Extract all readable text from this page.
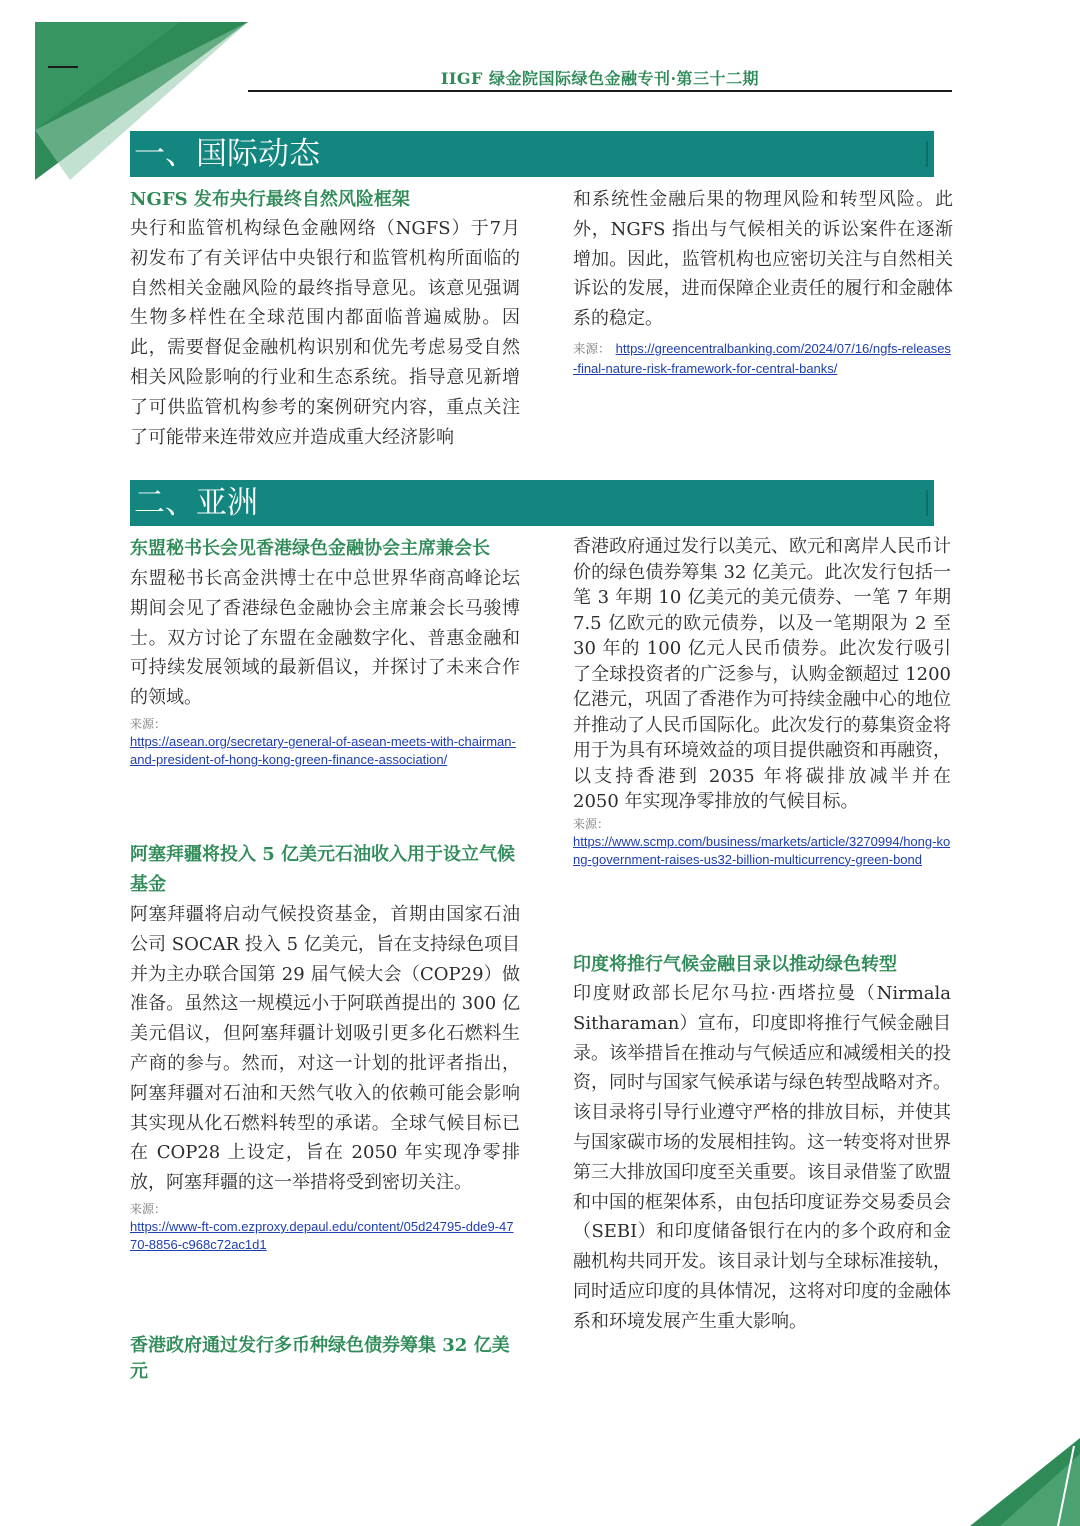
IIGF 绿金院国际绿色金融专刊·第三十二期
一、国际动态
NGFS 发布央行最终自然风险框架
央行和监管机构绿色金融网络（NGFS）于7月初发布了有关评估中央银行和监管机构所面临的自然相关金融风险的最终指导意见。该意见强调生物多样性在全球范围内都面临普遍威胁。因此，需要督促金融机构识别和优先考虑易受自然相关风险影响的行业和生态系统。指导意见新增了可供监管机构参考的案例研究内容，重点关注了可能带来连带效应并造成重大经济影响
和系统性金融后果的物理风险和转型风险。此外，NGFS 指出与气候相关的诉讼案件在逐渐增加。因此，监管机构也应密切关注与自然相关诉讼的发展，进而保障企业责任的履行和金融体系的稳定。
来源： https://greencentralbanking.com/2024/07/16/ngfs-releases-final-nature-risk-framework-for-central-banks/
二、亚洲
东盟秘书长会见香港绿色金融协会主席兼会长
东盟秘书长高金洪博士在中总世界华商高峰论坛期间会见了香港绿色金融协会主席兼会长马骏博士。双方讨论了东盟在金融数字化、普惠金融和可持续发展领域的最新倡议，并探讨了未来合作的领域。
来源：
https://asean.org/secretary-general-of-asean-meets-with-chairman-and-president-of-hong-kong-green-finance-association/
阿塞拜疆将投入 5 亿美元石油收入用于设立气候基金
阿塞拜疆将启动气候投资基金，首期由国家石油公司 SOCAR 投入 5 亿美元，旨在支持绿色项目并为主办联合国第 29 届气候大会（COP29）做准备。虽然这一规模远小于阿联酋提出的 300 亿美元倡议，但阿塞拜疆计划吸引更多化石燃料生产商的参与。然而，对这一计划的批评者指出，阿塞拜疆对石油和天然气收入的依赖可能会影响其实现从化石燃料转型的承诺。全球气候目标已在 COP28 上设定，旨在 2050 年实现净零排放，阿塞拜疆的这一举措将受到密切关注。
来源：
https://www-ft-com.ezproxy.depaul.edu/content/05d24795-dde9-4770-8856-c968c72ac1d1
香港政府通过发行多币种绿色债券筹集 32 亿美元
香港政府通过发行以美元、欧元和离岸人民币计价的绿色债券筹集 32 亿美元。此次发行包括一笔 3 年期 10 亿美元的美元债券、一笔 7 年期 7.5 亿欧元的欧元债券，以及一笔期限为 2 至 30 年的 100 亿元人民币债券。此次发行吸引了全球投资者的广泛参与，认购金额超过 1200 亿港元，巩固了香港作为可持续金融中心的地位并推动了人民币国际化。此次发行的募集资金将用于为具有环境效益的项目提供融资和再融资，以支持香港到 2035 年将碳排放减半并在 2050 年实现净零排放的气候目标。
来源：
https://www.scmp.com/business/markets/article/3270994/hong-kong-government-raises-us32-billion-multicurrency-green-bond
印度将推行气候金融目录以推动绿色转型
印度财政部长尼尔马拉·西塔拉曼（Nirmala Sitharaman）宣布，印度即将推行气候金融目录。该举措旨在推动与气候适应和减缓相关的投资，同时与国家气候承诺与绿色转型战略对齐。该目录将引导行业遵守严格的排放目标，并使其与国家碳市场的发展相挂钩。这一转变将对世界第三大排放国印度至关重要。该目录借鉴了欧盟和中国的框架体系，由包括印度证券交易委员会（SEBI）和印度储备银行在内的多个政府和金融机构共同开发。该目录计划与全球标准接轨，同时适应印度的具体情况，这将对印度的金融体系和环境发展产生重大影响。
